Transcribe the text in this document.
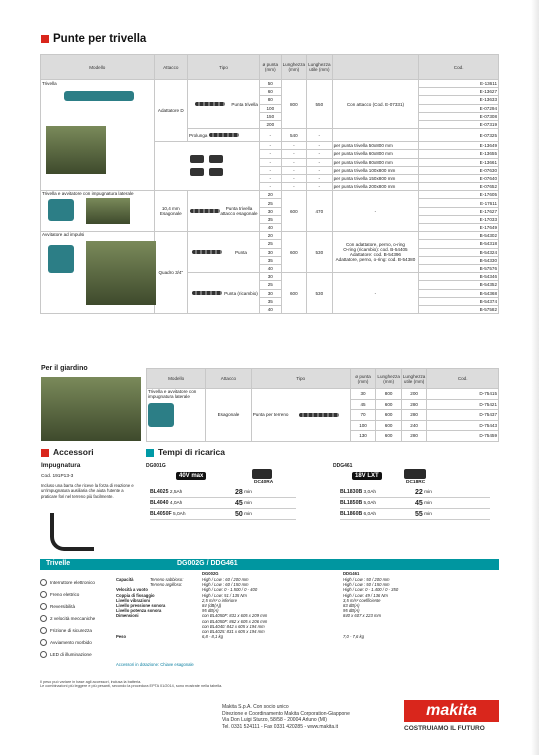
Punte per trivella
Modello	Attacco	Tipo	ø punta (mm)	Lunghezza (mm)	Lunghezza utile (mm)		Cod.

Trivella	Adattatore D	Punta trivella	50	800	550	Con attacco (Cod. E-07331)	E-13611
			60				E-13627
			80				E-13633
			100				E-07294
			150				E-07308
			200				E-07319
		Prolunga	-	540	-		E-07325

			-	-	-	per punta trivella 50x800 mm	E-13649
			-	-	-	per punta trivella 60x800 mm	E-13655
			-	-	-	per punta trivella 80x800 mm	E-13661
			-	-	-	per punta trivella 100x800 mm	E-07630
			-	-	-	per punta trivella 150x800 mm	E-07640
			-	-	-	per punta trivella 200x800 mm	E-07652

Trivella e avvitatore con impugnatura laterale	10,4 mm Esagonale	Punta trivella attacco esagonale	20	600	470	-	E-17605
			25				E-17611
			30				E-17627
			35				E-17033
			40				E-17649

Avvitatore ad impulsi	Quadro 3/4"	Punta	20	600	530	Con adattatore, perno, o-ring
O-ring (ricambio): cod. B-54405
Adattatore: cod. B-54396
Adattatore, perno, o-ring: cod. B-54380	B-54302
			25				B-54318
			30				B-54324
			35				B-54330
			40				B-57576

		Punta (ricambio)	30	600	530	-	B-54346
			25				B-54352
			30				B-54368
			35				B-54374
			40				B-57582
Per il giardino
Modello	Attacco	Tipo	ø punta (mm)	Lunghezza (mm)	Lunghezza utile (mm)	Cod.

Trivella e avvitatore con impugnatura laterale	Esagonale	Punta per terreno	30	800	200	D-75415
			45	600	280	D-75421
			70	600	280	D-75437
			100	600	240	D-75443
			130	600	280	D-75459
Accessori	Tempi di ricarica
Impugnatura
Cod. 191P13-3
Incluso una barra che riceve la forza di reazione e un'impugnatura ausiliaria che aiuta l'utente a praticare fori nel terreno più facilmente.
DG001G
40V max
DC40RA
BL4025 2,5Ah	28
min
BL4040 4,0Ah	45
min
BL4050F 5,0Ah	50
min
DDG461
18V LXT
DC18RC
BL1830B 3,0Ah	22
min
BL1850B 5,0Ah	45
min
BL1860B 6,0Ah	55
min
Trivelle	DG002G / DDG461
DG002G	DDG461
Capacità	Terreno sabbioso:	High / Low : 60 / 200 mm	High / Low : 50 / 200 mm
Terreno argilloso:	High / Low : 60 / 150 mm	High / Low : 50 / 150 mm
Velocità a vuoto	High / Low: 0 - 1.500 / 0 - 400	High / Low: 0 - 1.400 / 0 - 350
Coppia di fissaggio	High / Low: 51 / 135 Nm	High / Low: 49 / 136 Nm
Livello vibrazioni	2,5 m/s² o inferiore	3,5 m/s² coefficiente
Livello pressione sonora	84 (dB(A))	83 dB(A)
Livello potenza sonora	95 dB(A)	95 dB(A)
Dimensioni	con BL4050F: 831 x 605 x 209 mm	840 x 607 x 223 mm
con BL4050F: 862 x 605 x 206 mm
con BL4040: 842 x 605 x 194 mm
con BL4025: 831 x 605 x 194 mm
Peso	6,8 - 8,1 kg	7,0 - 7,6 kg
Accessori in dotazione: Chiave esagonale
Interruttore elettronico
Freno elettrico
Reversibilità
2 velocità meccaniche
Frizione di sicurezza
Avviamento morbido
LED di illuminazione
Il peso può variare in base agli accessori, inclusa la batteria.
Le combinazioni più leggere e più pesanti, secondo la procedura EPTA 01/2014, sono mostrate nella tabella.
Makita S.p.A. Con socio unico
Direzione e Coordinamento Makita Corporation-Giappone
Via Don Luigi Sturzo, 58/58 - 20004 Arluno (MI)
Tel. 0331 524111 - Fax 0331 420285 - www.makita.it
makita
COSTRUIAMO IL FUTURO
